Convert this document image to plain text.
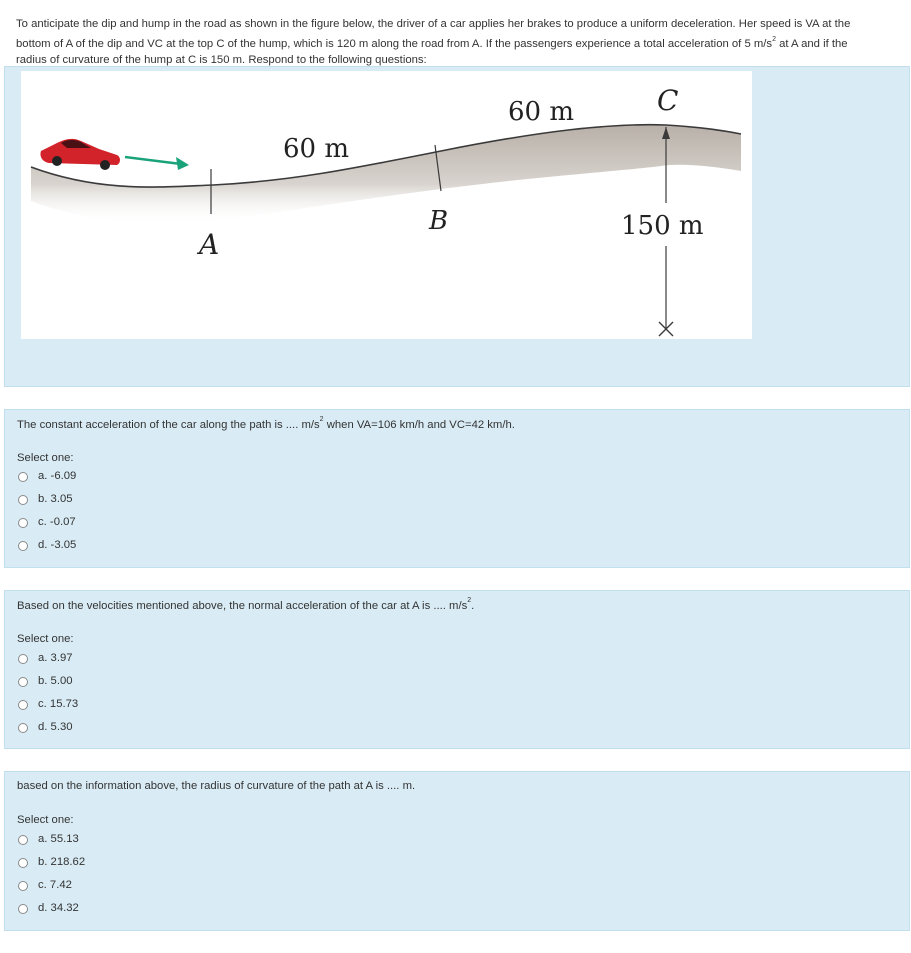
To anticipate the dip and hump in the road as shown in the figure below, the driver of a car applies her brakes to produce a uniform deceleration. Her speed is VA at the
bottom of A of the dip and VC at the top C of the hump, which is 120 m along the road from A. If the passengers experience a total acceleration of 5 $m/s^2$ at A and if the
radius of curvature of the hump at C is 150 m. Respond to the following questions:
A
B
C
60 m
60 m
150 m
The constant acceleration of the car along the path is .... $m/s^2$ when VA=106 km/h and VC=42 km/h.
Select one:
a. -6.09
b. 3.05
c. -0.07
d. -3.05
Based on the velocities mentioned above, the normal acceleration of the car at A is .... $m/s^2$.
Select one:
a. 3.97
b. 5.00
c. 15.73
d. 5.30
based on the information above, the radius of curvature of the path at A is .... m.
Select one:
a. 55.13
b. 218.62
c. 7.42
d. 34.32
